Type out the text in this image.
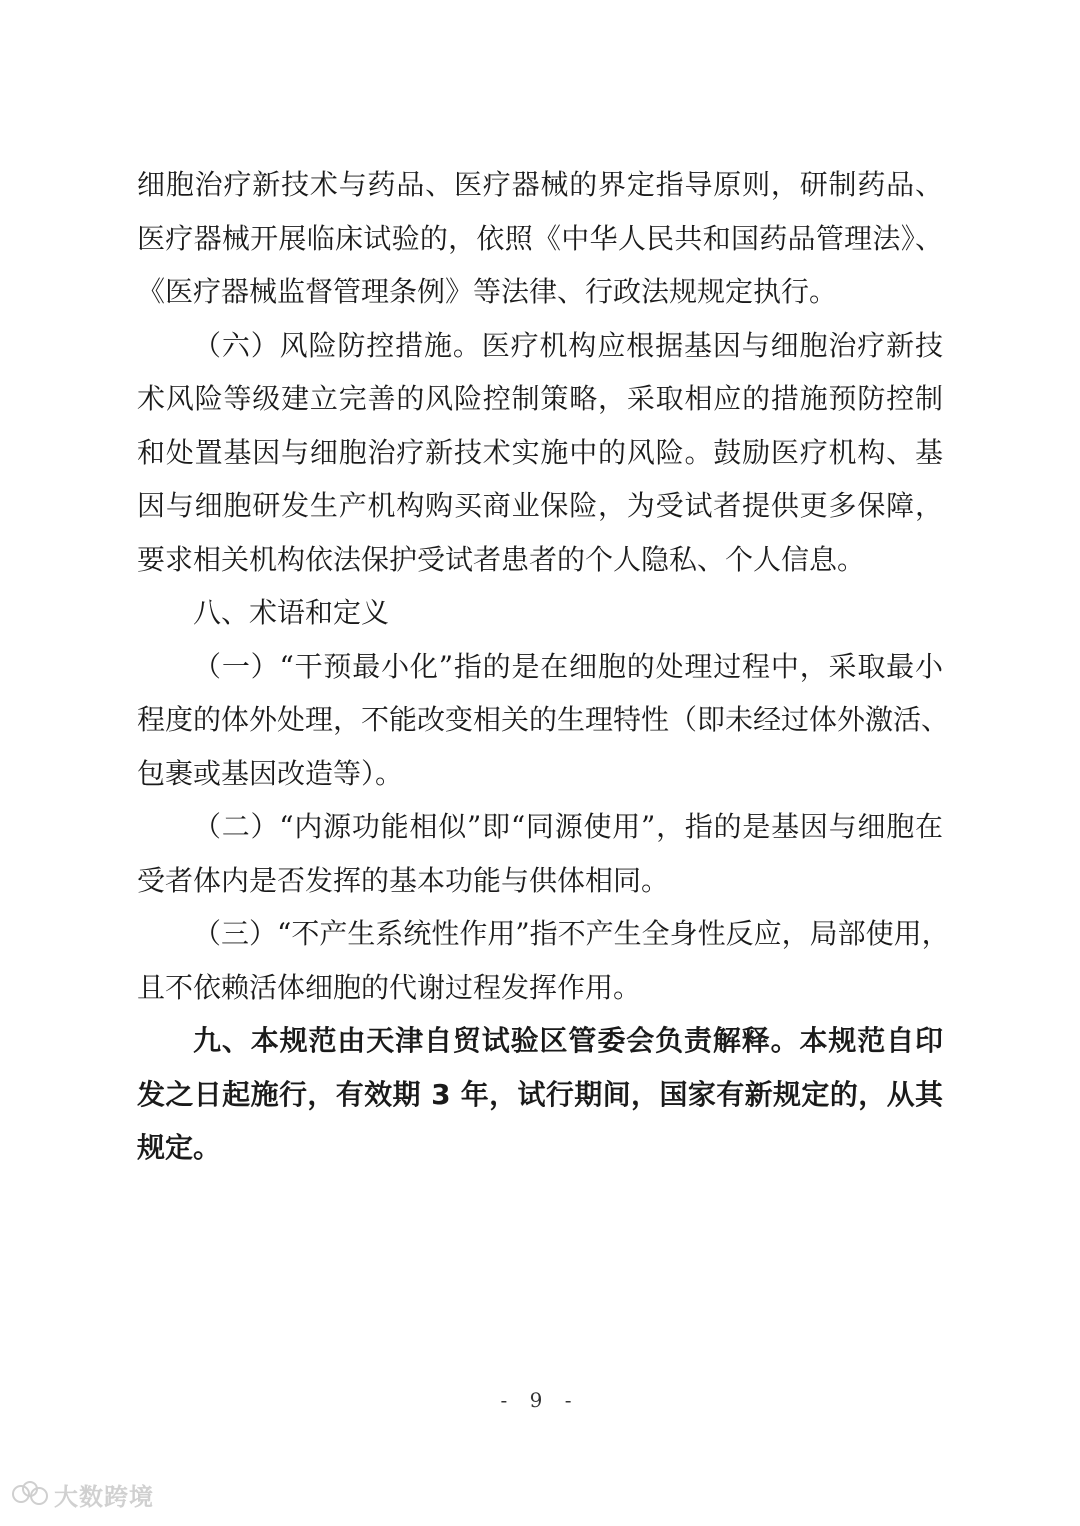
细胞治疗新技术与药品、医疗器械的界定指导原则，研制药品、
医疗器械开展临床试验的，依照《中华人民共和国药品管理法》、
《医疗器械监督管理条例》等法律、行政法规规定执行。
（六）风险防控措施。医疗机构应根据基因与细胞治疗新技
术风险等级建立完善的风险控制策略，采取相应的措施预防控制
和处置基因与细胞治疗新技术实施中的风险。鼓励医疗机构、基
因与细胞研发生产机构购买商业保险，为受试者提供更多保障，
要求相关机构依法保护受试者患者的个人隐私、个人信息。
八、术语和定义
（一）“干预最小化”指的是在细胞的处理过程中，采取最小
程度的体外处理，不能改变相关的生理特性（即未经过体外激活、
包裹或基因改造等）。
（二）“内源功能相似”即“同源使用”，指的是基因与细胞在
受者体内是否发挥的基本功能与供体相同。
（三）“不产生系统性作用”指不产生全身性反应，局部使用，
且不依赖活体细胞的代谢过程发挥作用。
九、本规范由天津自贸试验区管委会负责解释。本规范自印
发之日起施行，有效期 3 年，试行期间，国家有新规定的，从其
规定。
- 9 -
大数跨境
